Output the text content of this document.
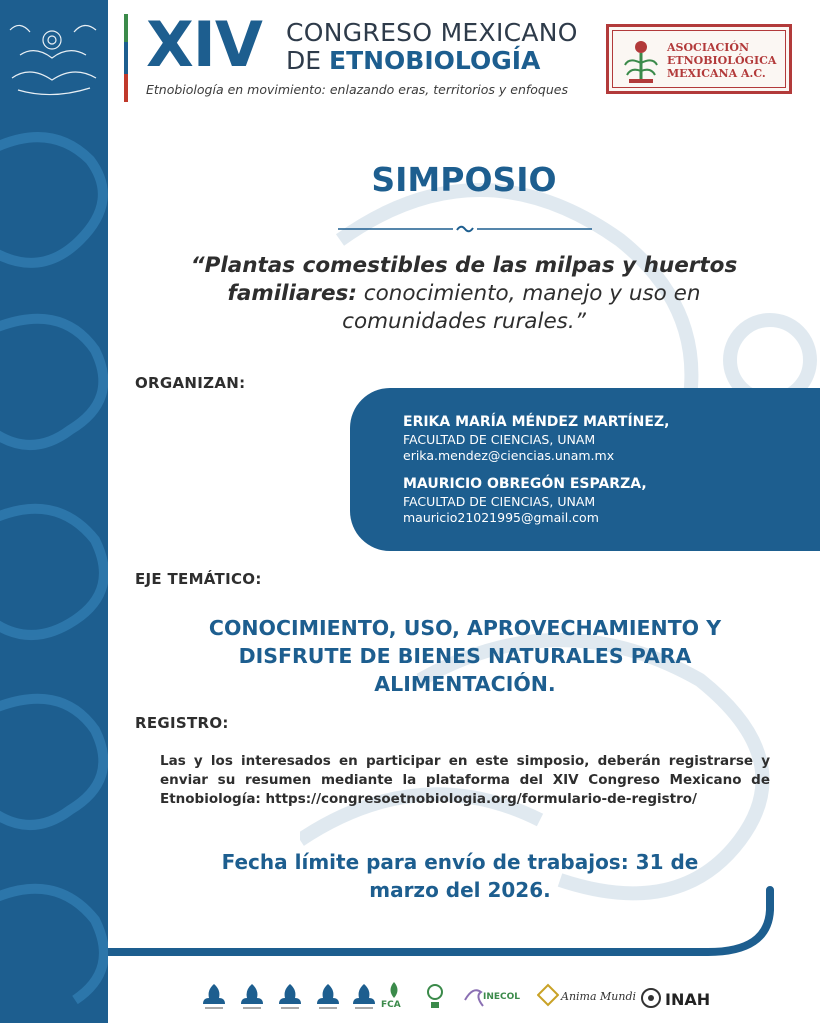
XIV CONGRESO MEXICANO
DE ETNOBIOLOGÍA
Etnobiología en movimiento: enlazando eras, territorios y enfoques
ASOCIACIÓN
ETNOBIOLÓGICA
MEXICANA A.C.
SIMPOSIO
“Plantas comestibles de las milpas y huertos familiares: conocimiento, manejo y uso en comunidades rurales.”
ORGANIZAN:
ERIKA MARÍA MÉNDEZ MARTÍNEZ,
FACULTAD DE CIENCIAS, UNAM
erika.mendez@ciencias.unam.mx
MAURICIO OBREGÓN ESPARZA,
FACULTAD DE CIENCIAS, UNAM
mauricio21021995@gmail.com
EJE TEMÁTICO:
CONOCIMIENTO, USO, APROVECHAMIENTO Y DISFRUTE DE BIENES NATURALES PARA ALIMENTACIÓN.
REGISTRO:
Las y los interesados en participar en este simposio, deberán registrarse y enviar su resumen mediante la plataforma del XIV Congreso Mexicano de Etnobiología: https://congresoetnobiologia.org/formulario-de-registro/
Fecha límite para envío de trabajos: 31 de marzo del 2026.
FCA
INECOL	Anima Mundi INAH
